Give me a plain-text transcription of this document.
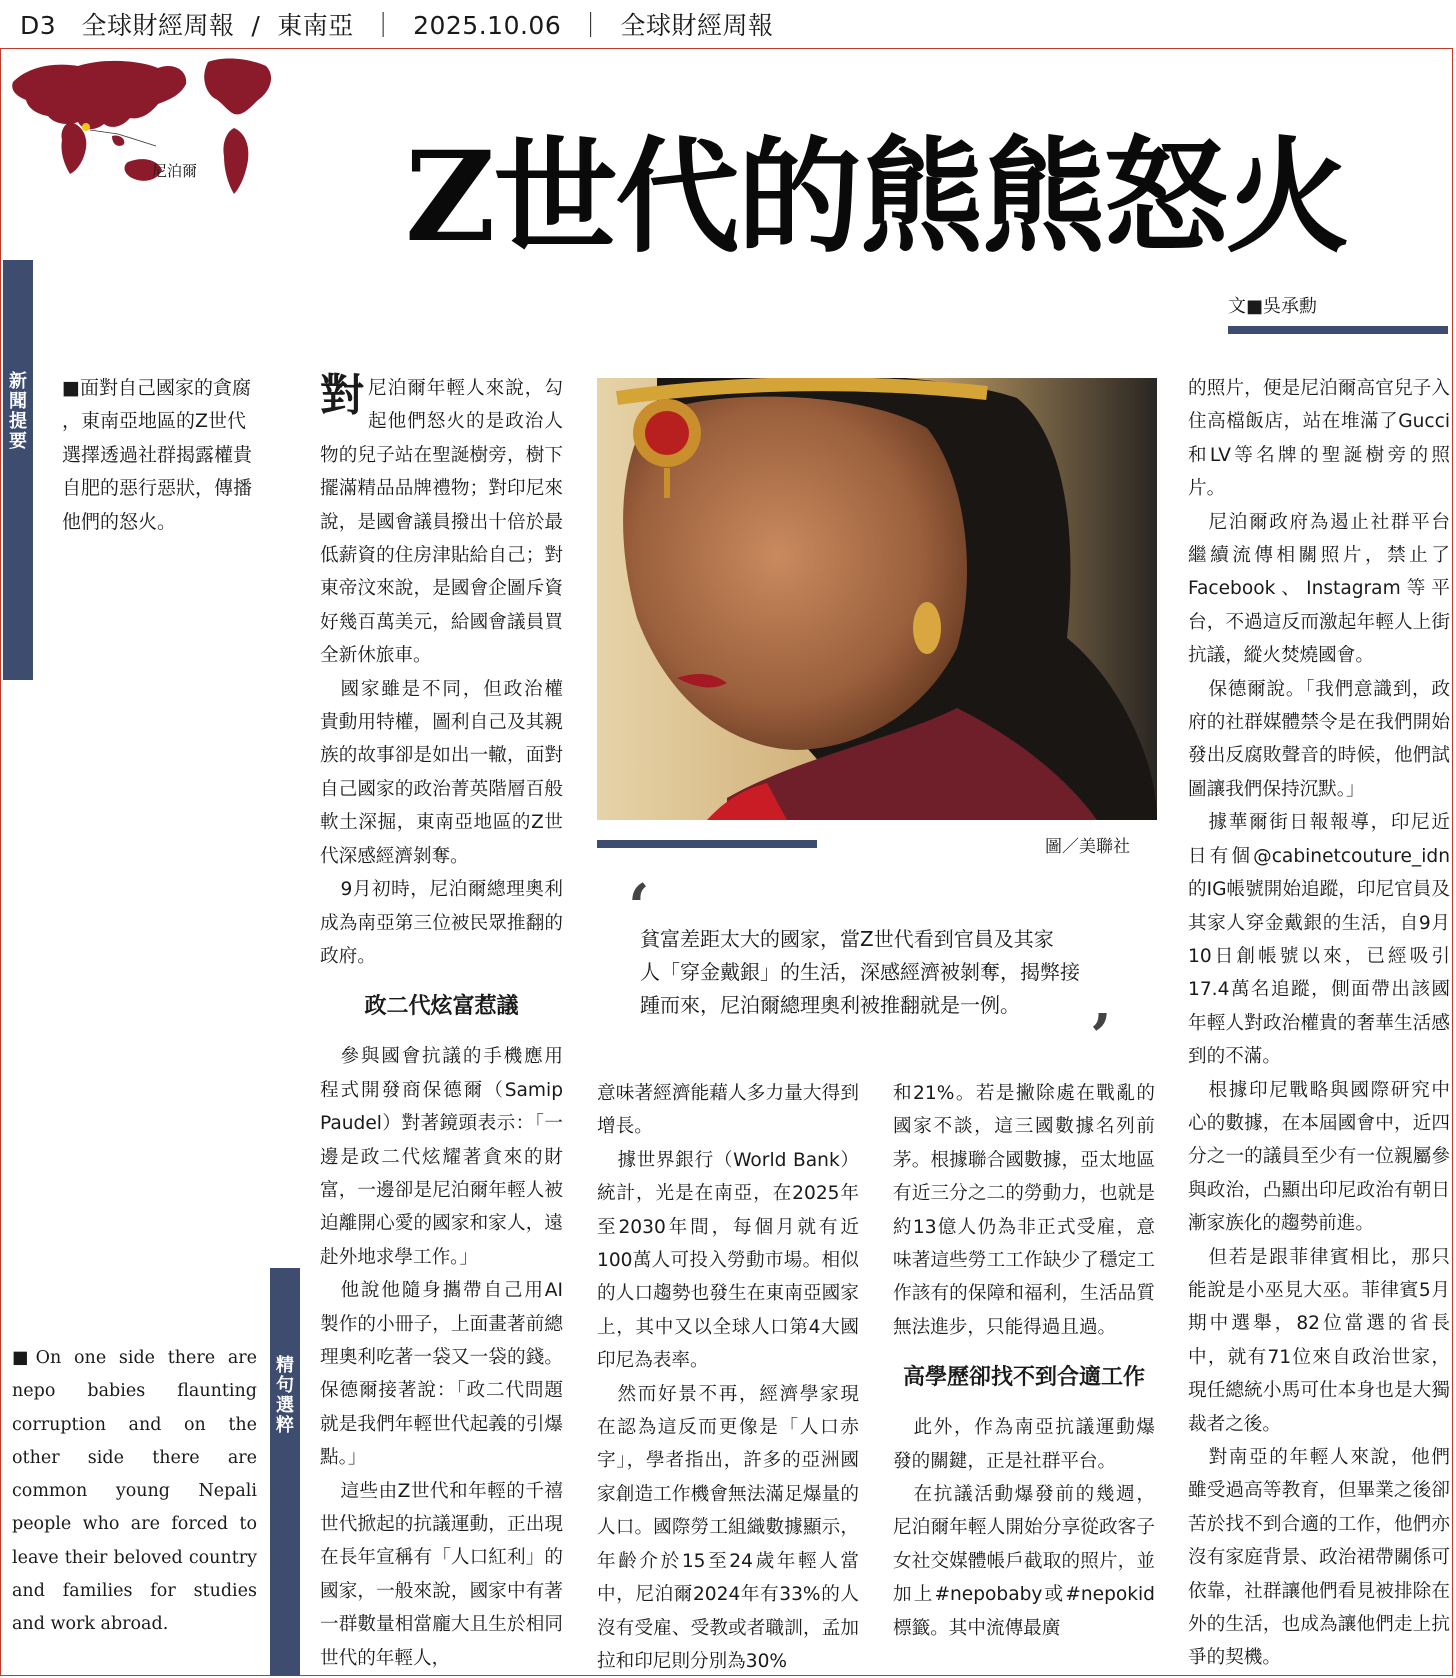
D3 全球財經周報  /  東南亞  ｜  2025.10.06  ｜  全球財經周報
尼泊爾 Z世代的熊熊怒火
文■吳承勳
新聞提要
■面對自己國家的貪腐
，東南亞地區的Z世代
選擇透過社群揭露權貴
自肥的惡行惡狀，傳播
他們的怒火。
精句選粹
■On one side there are nepo babies flaunting corruption and on the other side there are common young Nepali people who are forced to leave their beloved country and families for studies and work abroad.

對尼泊爾年輕人來說，勾起他們怒火的是政治人物的兒子站在聖誕樹旁，樹下擺滿精品品牌禮物；對印尼來說，是國會議員撥出十倍於最低薪資的住房津貼給自己；對東帝汶來說，是國會企圖斥資好幾百萬美元，給國會議員買全新休旅車。

國家雖是不同，但政治權貴動用特權，圖利自己及其親族的故事卻是如出一轍，面對自己國家的政治菁英階層百般軟土深掘，東南亞地區的Z世代深感經濟剝奪。

9月初時，尼泊爾總理奧利成為南亞第三位被民眾推翻的政府。

政二代炫富惹議

參與國會抗議的手機應用程式開發商保德爾（Samip Paudel）對著鏡頭表示：「一邊是政二代炫耀著貪來的財富，一邊卻是尼泊爾年輕人被迫離開心愛的國家和家人，遠赴外地求學工作。」

他說他隨身攜帶自己用AI製作的小冊子，上面畫著前總理奧利吃著一袋又一袋的錢。保德爾接著說：「政二代問題就是我們年輕世代起義的引爆點。」

這些由Z世代和年輕的千禧世代掀起的抗議運動，正出現在長年宣稱有「人口紅利」的國家，一般來說，國家中有著一群數量相當龐大且生於相同世代的年輕人，

圖／美聯社
‘
貧富差距太大的國家，當Z世代看到官員及其家
人「穿金戴銀」的生活，深感經濟被剝奪，揭弊接
踵而來，尼泊爾總理奧利被推翻就是一例。	’

意味著經濟能藉人多力量大得到增長。

據世界銀行（World Bank）統計，光是在南亞，在2025年至2030年間，每個月就有近100萬人可投入勞動市場。相似的人口趨勢也發生在東南亞國家上，其中又以全球人口第4大國印尼為表率。

然而好景不再，經濟學家現在認為這反而更像是「人口赤字」，學者指出，許多的亞洲國家創造工作機會無法滿足爆量的人口。國際勞工組織數據顯示，年齡介於15至24歲年輕人當中，尼泊爾2024年有33%的人沒有受雇、受教或者職訓，孟加拉和印尼則分別為30%

和21%。若是撇除處在戰亂的國家不談，這三國數據名列前茅。根據聯合國數據，亞太地區有近三分之二的勞動力，也就是約13億人仍為非正式受雇，意味著這些勞工工作缺少了穩定工作該有的保障和福利，生活品質無法進步，只能得過且過。

高學歷卻找不到合適工作

此外，作為南亞抗議運動爆發的關鍵，正是社群平台。

在抗議活動爆發前的幾週，尼泊爾年輕人開始分享從政客子女社交媒體帳戶截取的照片，並加上#nepobaby或#nepokid標籤。其中流傳最廣

的照片，便是尼泊爾高官兒子入住高檔飯店，站在堆滿了Gucci和LV等名牌的聖誕樹旁的照片。

尼泊爾政府為遏止社群平台繼續流傳相關照片，禁止了Facebook、Instagram等平台，不過這反而激起年輕人上街抗議，縱火焚燒國會。

保德爾說。「我們意識到，政府的社群媒體禁令是在我們開始發出反腐敗聲音的時候，他們試圖讓我們保持沉默。」

據華爾街日報報導，印尼近日有個@cabinetcouture_idn的IG帳號開始追蹤，印尼官員及其家人穿金戴銀的生活，自9月10日創帳號以來，已經吸引17.4萬名追蹤，側面帶出該國年輕人對政治權貴的奢華生活感到的不滿。

根據印尼戰略與國際研究中心的數據，在本屆國會中，近四分之一的議員至少有一位親屬參與政治，凸顯出印尼政治有朝日漸家族化的趨勢前進。

但若是跟菲律賓相比，那只能說是小巫見大巫。菲律賓5月期中選舉，82位當選的省長中，就有71位來自政治世家，現任總統小馬可仕本身也是大獨裁者之後。

對南亞的年輕人來說，他們雖受過高等教育，但畢業之後卻苦於找不到合適的工作，他們亦沒有家庭背景、政治裙帶關係可依靠，社群讓他們看見被排除在外的生活，也成為讓他們走上抗爭的契機。
